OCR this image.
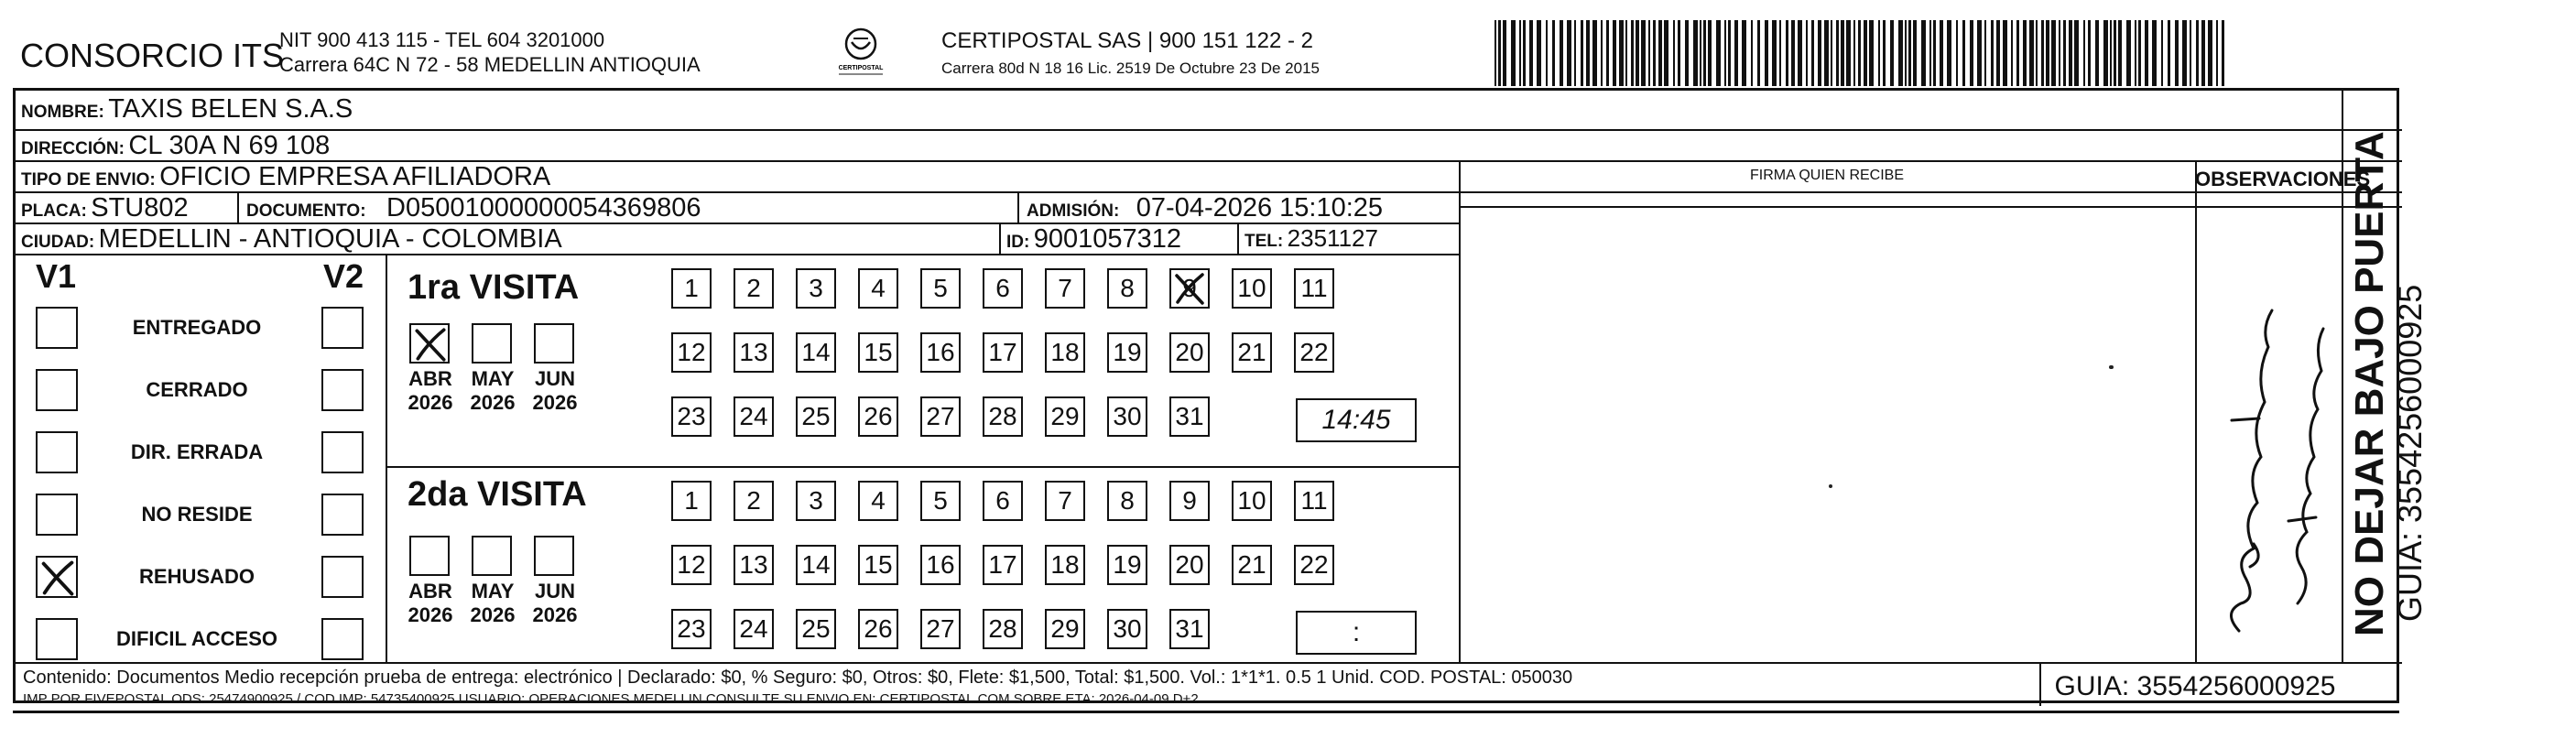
CONSORCIO ITS
NIT 900 413 115 - TEL 604 3201000
Carrera 64C N 72 - 58 MEDELLIN ANTIOQUIA	CERTIPOSTAL
CERTIPOSTAL SAS | 900 151 122 - 2
Carrera 80d N 18 16 Lic. 2519 De Octubre 23 De 2015
NOMBRE: TAXIS BELEN S.A.S
DIRECCIÓN: CL 30A N 69 108
TIPO DE ENVIO: OFICIO EMPRESA AFILIADORA
PLACA: STU802	DOCUMENTO: D05001000000054369806	ADMISIÓN: 07-04-2026 15:10:25
CIUDAD: MEDELLIN - ANTIOQUIA - COLOMBIA	ID: 9001057312	TEL: 2351127
FIRMA QUIEN RECIBE	OBSERVACIONES
V1	V2
ENTREGADO
CERRADO
DIR. ERRADA
NO RESIDE
REHUSADO
DIFICIL ACCESO
1ra VISITA
2da VISITA
ABR
2026
MAY
2026
JUN
2026
1 2 3 4 5 6 7 8 9 10 11
12 13 14 15 16 17 18 19 20 21 22
23 24 25 26 27 28 29 30 31	14:45
ABR
2026
MAY
2026
JUN
2026
1 2 3 4 5 6 7 8 9 10 11
12 13 14 15 16 17 18 19 20 21 22
23 24 25 26 27 28 29 30 31	:
Contenido: Documentos Medio recepción prueba de entrega: electrónico | Declarado: $0, % Seguro: $0, Otros: $0, Flete: $1,500, Total: $1,500. Vol.: 1*1*1. 0.5 1 Unid. COD. POSTAL: 050030
IMP POR FIVEPOSTAL ODS: 25474900925 / COD.IMP: 54735400925 USUARIO: OPERACIONES MEDELLIN CONSULTE SU ENVIO EN: CERTIPOSTAL.COM SOBRE ETA: 2026-04-09 D+2	GUIA: 3554256000925
NO DEJAR BAJO PUERTA GUIA: 3554256000925
